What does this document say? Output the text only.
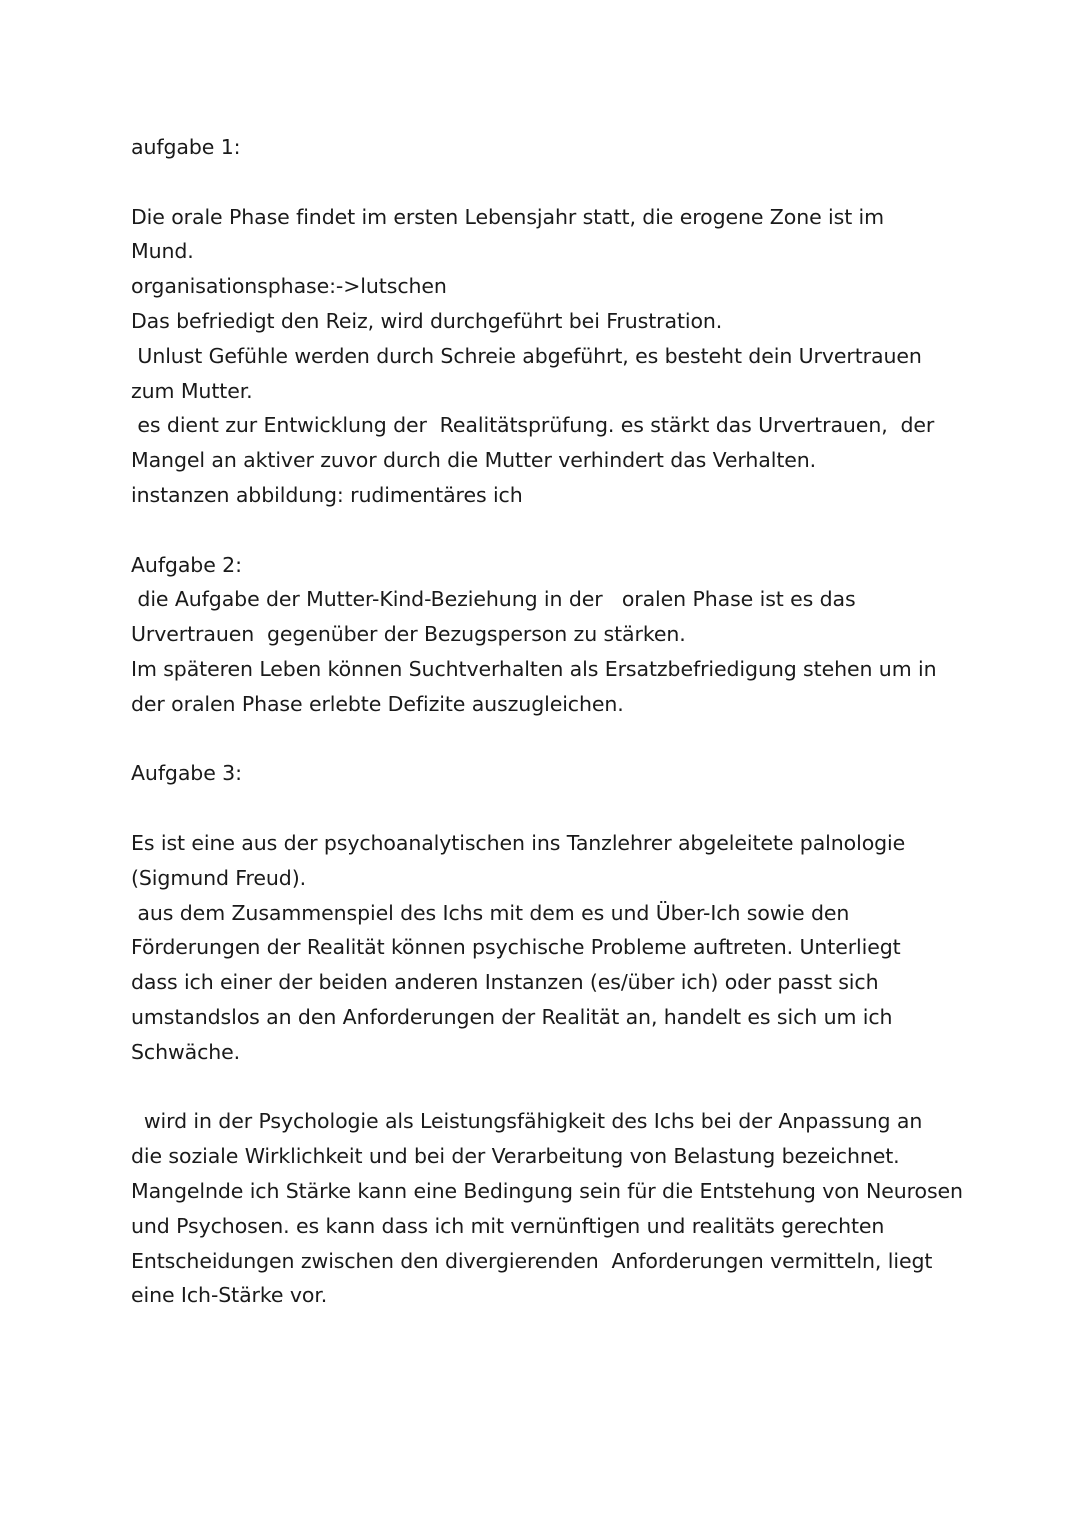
aufgabe 1:
Die orale Phase findet im ersten Lebensjahr statt, die erogene Zone ist im
Mund.
organisationsphase:->lutschen
Das befriedigt den Reiz, wird durchgeführt bei Frustration.
Unlust Gefühle werden durch Schreie abgeführt, es besteht dein Urvertrauen
zum Mutter.
es dient zur Entwicklung der  Realitätsprüfung. es stärkt das Urvertrauen,  der
Mangel an aktiver zuvor durch die Mutter verhindert das Verhalten.
instanzen abbildung: rudimentäres ich
Aufgabe 2:
die Aufgabe der Mutter-Kind-Beziehung in der   oralen Phase ist es das
Urvertrauen  gegenüber der Bezugsperson zu stärken.
Im späteren Leben können Suchtverhalten als Ersatzbefriedigung stehen um in
der oralen Phase erlebte Defizite auszugleichen.
Aufgabe 3:
Es ist eine aus der psychoanalytischen ins Tanzlehrer abgeleitete palnologie
(Sigmund Freud).
aus dem Zusammenspiel des Ichs mit dem es und Über-Ich sowie den
Förderungen der Realität können psychische Probleme auftreten. Unterliegt
dass ich einer der beiden anderen Instanzen (es/über ich) oder passt sich
umstandslos an den Anforderungen der Realität an, handelt es sich um ich
Schwäche.
wird in der Psychologie als Leistungsfähigkeit des Ichs bei der Anpassung an
die soziale Wirklichkeit und bei der Verarbeitung von Belastung bezeichnet.
Mangelnde ich Stärke kann eine Bedingung sein für die Entstehung von Neurosen
und Psychosen. es kann dass ich mit vernünftigen und realitäts gerechten
Entscheidungen zwischen den divergierenden  Anforderungen vermitteln, liegt
eine Ich-Stärke vor.
